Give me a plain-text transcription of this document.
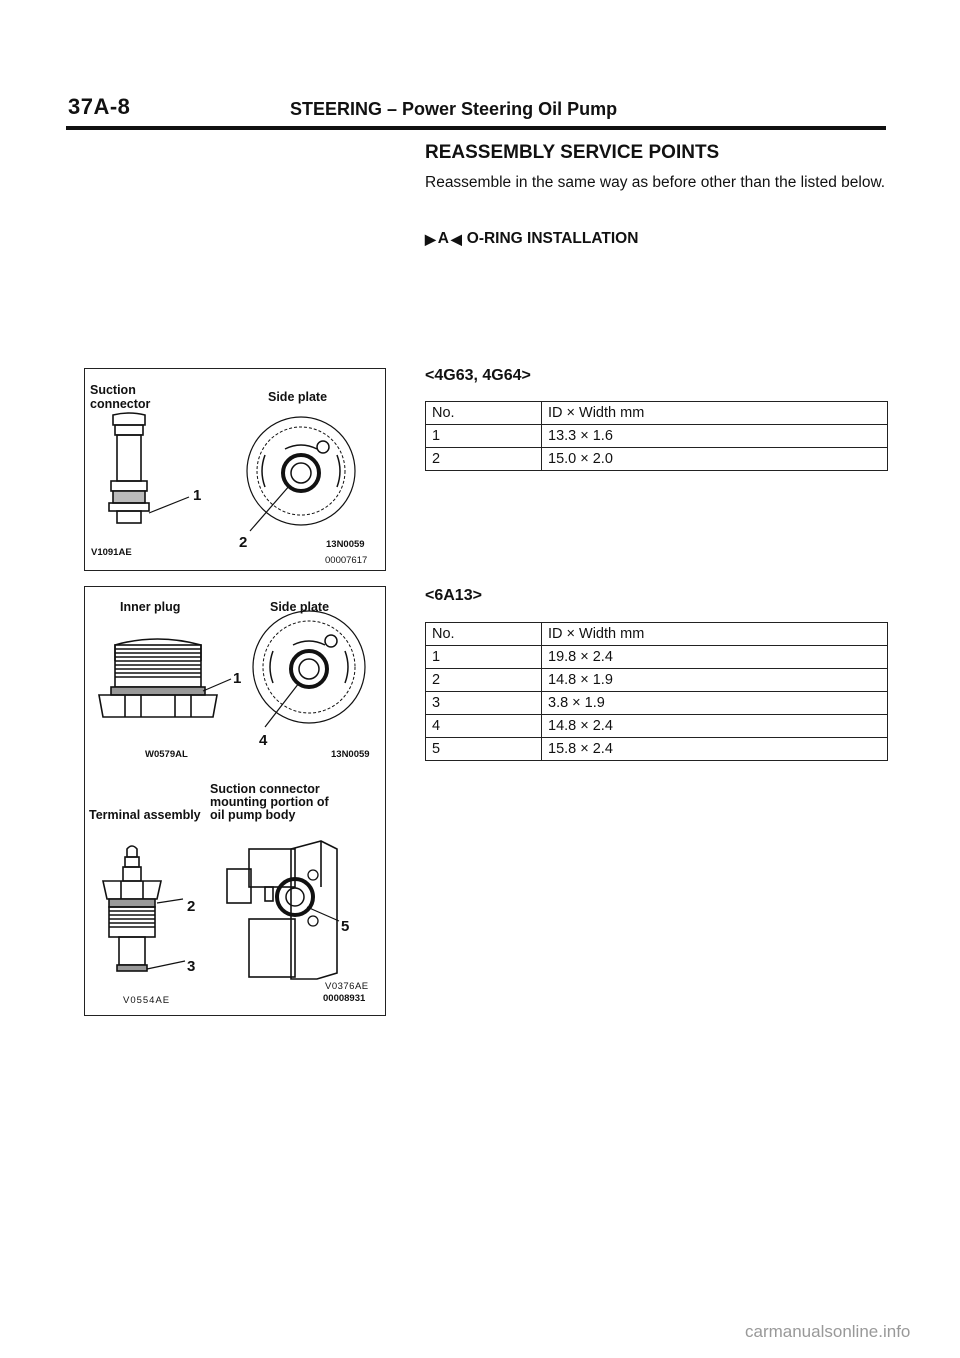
37A-8	STEERING – Power Steering Oil Pump
REASSEMBLY SERVICE POINTS
Reassemble in the same way as before other than the listed below.
▶ A ◀ O-RING INSTALLATION
<4G63, 4G64>
No.	ID × Width mm
1	13.3 × 1.6
2	15.0 × 2.0
<6A13>
No.	ID × Width mm
1	19.8 × 2.4
2	14.8 × 1.9
3	3.8 × 1.9
4	14.8 × 2.4
5	15.8 × 2.4
Suction
connector	Side plate
1
2
V1091AE
13N0059
00007617
Inner plug	Side plate
1
4
W0579AL	13N0059
Suction connector
mounting portion of
oil pump body
Terminal assembly
2
3
5
V0554AE
V0376AE
00008931
carmanualsonline.info
